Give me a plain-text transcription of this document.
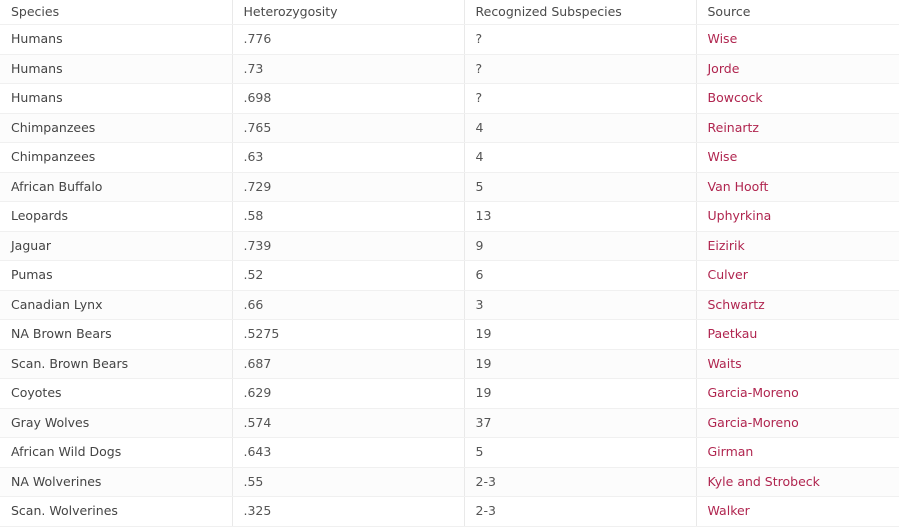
Species	Heterozygosity	Recognized Subspecies	Source
Humans	.776	?	Wise
Humans	.73	?	Jorde
Humans	.698	?	Bowcock
Chimpanzees	.765	4	Reinartz
Chimpanzees	.63	4	Wise
African Buffalo	.729	5	Van Hooft
Leopards	.58	13	Uphyrkina
Jaguar	.739	9	Eizirik
Pumas	.52	6	Culver
Canadian Lynx	.66	3	Schwartz
NA Brown Bears	.5275	19	Paetkau
Scan. Brown Bears	.687	19	Waits
Coyotes	.629	19	Garcia-Moreno
Gray Wolves	.574	37	Garcia-Moreno
African Wild Dogs	.643	5	Girman
NA Wolverines	.55	2-3	Kyle and Strobeck
Scan. Wolverines	.325	2-3	Walker
